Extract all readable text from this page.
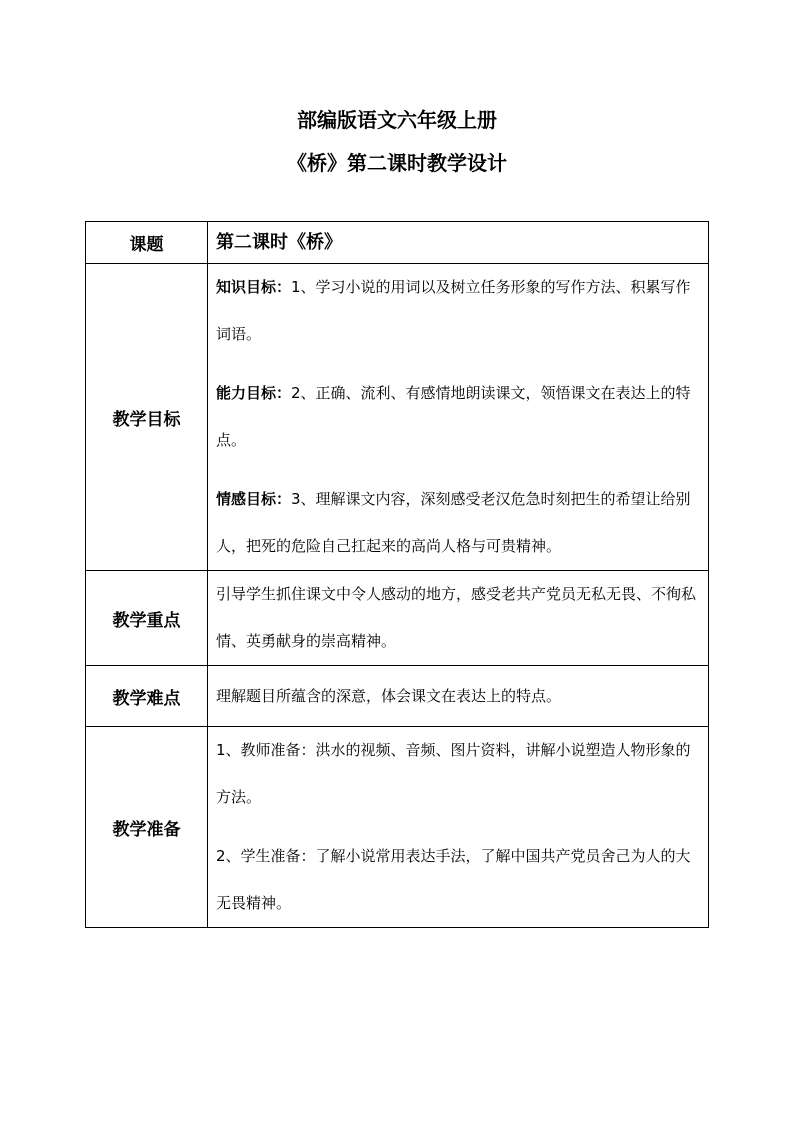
部编版语文六年级上册
《桥》第二课时教学设计
课题	第二课时《桥》
教学目标	知识目标：1、学习小说的用词以及树立任务形象的写作方法、积累写作词语。
能力目标：2、正确、流利、有感情地朗读课文，领悟课文在表达上的特点。
情感目标：3、理解课文内容，深刻感受老汉危急时刻把生的希望让给别人，把死的危险自己扛起来的高尚人格与可贵精神。

教学重点	引导学生抓住课文中令人感动的地方，感受老共产党员无私无畏、不徇私情、英勇献身的崇高精神。
教学难点	理解题目所蕴含的深意，体会课文在表达上的特点。
教学准备	1、教师准备：洪水的视频、音频、图片资料，讲解小说塑造人物形象的方法。
2、学生准备：了解小说常用表达手法，了解中国共产党员舍己为人的大无畏精神。
